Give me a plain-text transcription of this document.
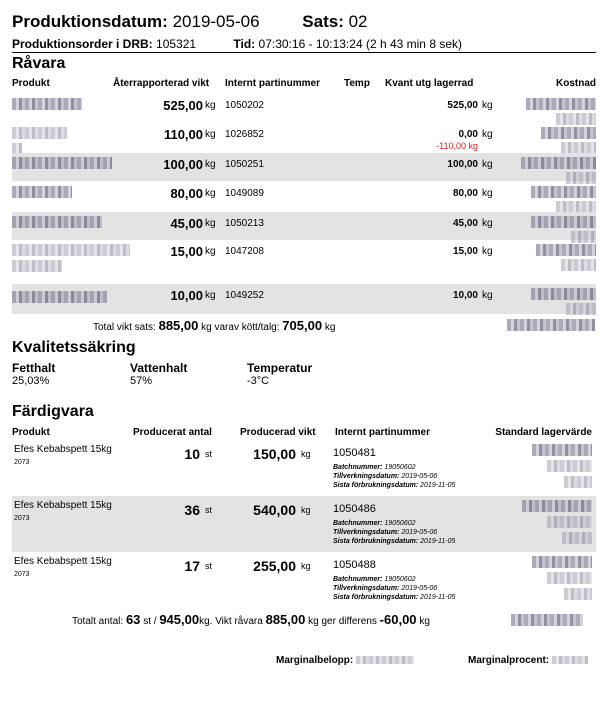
Produktionsdatum: 2019-05-06	Sats: 02
Produktionsorder i DRB: 105321	Tid: 07:30:16 - 10:13:24 (2 h 43 min 8 sek)
Råvara
Produkt	Återrapporterad vikt Internt partinummer Temp Kvant utg lagerrad	Kostnad
525,00 kg 1050202	525,00 kg
110,00 kg 1026852	0,00 kg
-110,00 kg
100,00 kg 1050251	100,00 kg
80,00 kg 1049089	80,00 kg
45,00 kg 1050213	45,00 kg
15,00 kg 1047208	15,00 kg
10,00 kg 1049252	10,00 kg
Total vikt sats: 885,00 kg varav kött/talg: 705,00 kg
Kvalitetssäkring
Fetthalt
25,03%
Vattenhalt
57%
Temperatur
-3°C
Färdigvara
Produkt	Producerat antal	Producerad vikt Internt partinummer	Standard lagervärde
Efes Kebabspett 15kg
2073
10 st	150,00 kg 1050481
Batchnummer: 19050602
Tillverkningsdatum: 2019-05-06
Sista förbrukningsdatum: 2019-11-05
Efes Kebabspett 15kg
2073
36 st	540,00 kg 1050486
Batchnummer: 19050602
Tillverkningsdatum: 2019-05-06
Sista förbrukningsdatum: 2019-11-05
Efes Kebabspett 15kg
2073
17 st	255,00 kg 1050488
Batchnummer: 19050602
Tillverkningsdatum: 2019-05-06
Sista förbrukningsdatum: 2019-11-05
Totalt antal: 63 st / 945,00kg. Vikt råvara 885,00 kg ger differens -60,00 kg
Marginalbelopp:	Marginalprocent:
